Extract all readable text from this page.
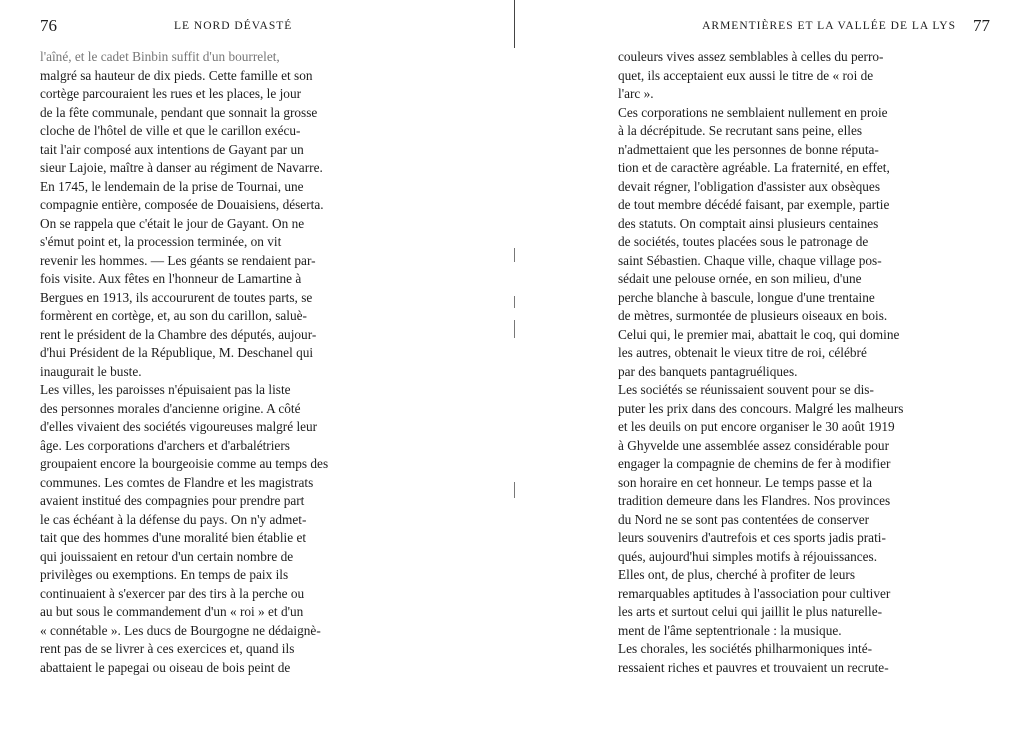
76	LE NORD DÉVASTÉ
l'aîné, et le cadet Binbin suffit d'un bourrelet,
malgré sa hauteur de dix pieds. Cette famille et son
cortège parcouraient les rues et les places, le jour
de la fête communale, pendant que sonnait la grosse
cloche de l'hôtel de ville et que le carillon exécu-
tait l'air composé aux intentions de Gayant par un
sieur Lajoie, maître à danser au régiment de Navarre.
En 1745, le lendemain de la prise de Tournai, une
compagnie entière, composée de Douaisiens, déserta.
On se rappela que c'était le jour de Gayant. On ne
s'émut point et, la procession terminée, on vit
revenir les hommes. — Les géants se rendaient par-
fois visite. Aux fêtes en l'honneur de Lamartine à
Bergues en 1913, ils accoururent de toutes parts, se
formèrent en cortège, et, au son du carillon, saluè-
rent le président de la Chambre des députés, aujour-
d'hui Président de la République, M. Deschanel qui
inaugurait le buste.
Les villes, les paroisses n'épuisaient pas la liste
des personnes morales d'ancienne origine. A côté
d'elles vivaient des sociétés vigoureuses malgré leur
âge. Les corporations d'archers et d'arbalétriers
groupaient encore la bourgeoisie comme au temps des
communes. Les comtes de Flandre et les magistrats
avaient institué des compagnies pour prendre part
le cas échéant à la défense du pays. On n'y admet-
tait que des hommes d'une moralité bien établie et
qui jouissaient en retour d'un certain nombre de
privilèges ou exemptions. En temps de paix ils
continuaient à s'exercer par des tirs à la perche ou
au but sous le commandement d'un « roi » et d'un
« connétable ». Les ducs de Bourgogne ne dédaignè-
rent pas de se livrer à ces exercices et, quand ils
abattaient le papegai ou oiseau de bois peint de
ARMENTIÈRES ET LA VALLÉE DE LA LYS 77
couleurs vives assez semblables à celles du perro-
quet, ils acceptaient eux aussi le titre de « roi de
l'arc ».
Ces corporations ne semblaient nullement en proie
à la décrépitude. Se recrutant sans peine, elles
n'admettaient que les personnes de bonne réputa-
tion et de caractère agréable. La fraternité, en effet,
devait régner, l'obligation d'assister aux obsèques
de tout membre décédé faisant, par exemple, partie
des statuts. On comptait ainsi plusieurs centaines
de sociétés, toutes placées sous le patronage de
saint Sébastien. Chaque ville, chaque village pos-
sédait une pelouse ornée, en son milieu, d'une
perche blanche à bascule, longue d'une trentaine
de mètres, surmontée de plusieurs oiseaux en bois.
Celui qui, le premier mai, abattait le coq, qui domine
les autres, obtenait le vieux titre de roi, célébré
par des banquets pantagruéliques.
Les sociétés se réunissaient souvent pour se dis-
puter les prix dans des concours. Malgré les malheurs
et les deuils on put encore organiser le 30 août 1919
à Ghyvelde une assemblée assez considérable pour
engager la compagnie de chemins de fer à modifier
son horaire en cet honneur. Le temps passe et la
tradition demeure dans les Flandres. Nos provinces
du Nord ne se sont pas contentées de conserver
leurs souvenirs d'autrefois et ces sports jadis prati-
qués, aujourd'hui simples motifs à réjouissances.
Elles ont, de plus, cherché à profiter de leurs
remarquables aptitudes à l'association pour cultiver
les arts et surtout celui qui jaillit le plus naturelle-
ment de l'âme septentrionale : la musique.
Les chorales, les sociétés philharmoniques inté-
ressaient riches et pauvres et trouvaient un recrute-
